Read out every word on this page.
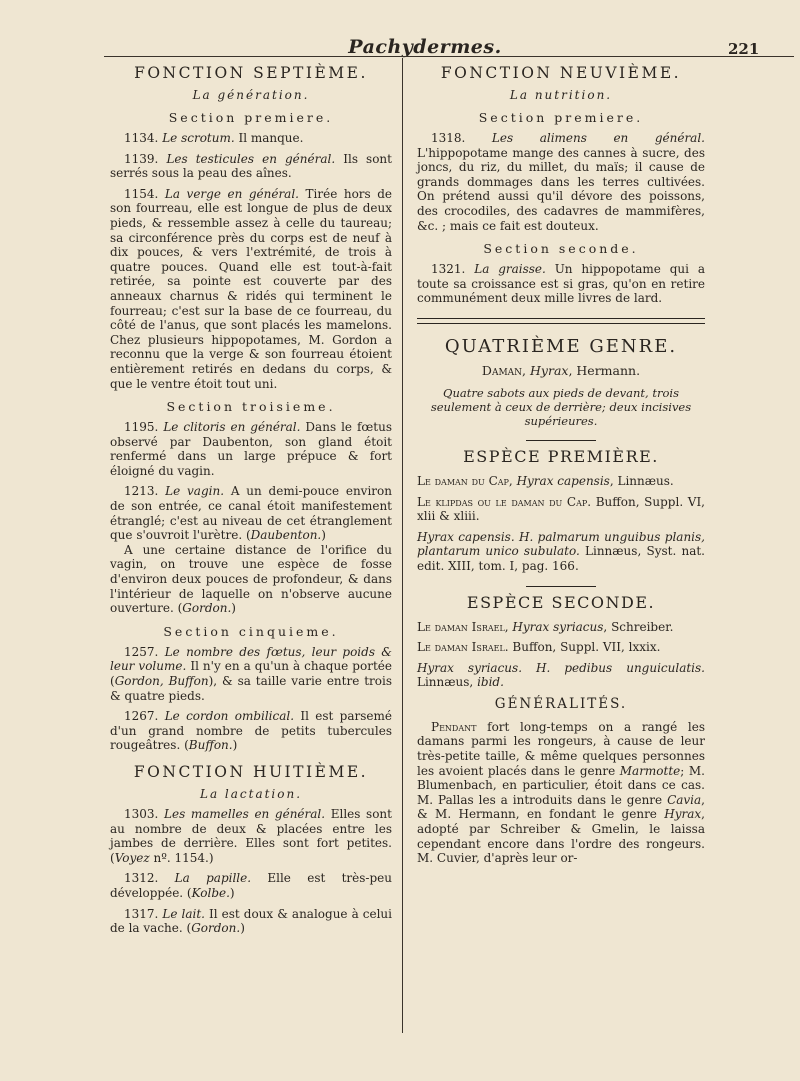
Pachydermes.	221
FONCTION SEPTIÈME.
La génération.
Section premiere.

1134. Le scrotum. Il manque.

1139. Les testicules en général. Ils sont serrés sous la peau des aînes.

1154. La verge en général. Tirée hors de son fourreau, elle est longue de plus de deux pieds, & ressemble assez à celle du taureau; sa circonférence près du corps est de neuf à dix pouces, & vers l'extrémité, de trois à quatre pouces. Quand elle est tout-à-fait retirée, sa pointe est couverte par des anneaux charnus & ridés qui terminent le fourreau; c'est sur la base de ce fourreau, du côté de l'anus, que sont placés les mamelons. Chez plusieurs hippopotames, M. Gordon a reconnu que la verge & son fourreau étoient entièrement retirés en dedans du corps, & que le ventre étoit tout uni.

Section troisieme.

1195. Le clitoris en général. Dans le fœtus observé par Daubenton, son gland étoit renfermé dans un large prépuce & fort éloigné du vagin.

1213. Le vagin. A un demi-pouce environ de son entrée, ce canal étoit manifestement étranglé; c'est au niveau de cet étranglement que s'ouvroit l'urètre. (Daubenton.)

A une certaine distance de l'orifice du vagin, on trouve une espèce de fosse d'environ deux pouces de profondeur, & dans l'intérieur de laquelle on n'observe aucune ouverture. (Gordon.)

Section cinquieme.

1257. Le nombre des fœtus, leur poids & leur volume. Il n'y en a qu'un à chaque portée (Gordon, Buffon), & sa taille varie entre trois & quatre pieds.

1267. Le cordon ombilical. Il est parsemé d'un grand nombre de petits tubercules rougeâtres. (Buffon.)

FONCTION HUITIÈME.
La lactation.

1303. Les mamelles en général. Elles sont au nombre de deux & placées entre les jambes de derrière. Elles sont fort petites. (Voyez nº. 1154.)

1312. La papille. Elle est très-peu développée. (Kolbe.)

1317. Le lait. Il est doux & analogue à celui de la vache. (Gordon.)

FONCTION NEUVIÈME.
La nutrition.
Section premiere.

1318. Les alimens en général. L'hippopotame mange des cannes à sucre, des joncs, du riz, du millet, du maïs; il cause de grands dommages dans les terres cultivées. On prétend aussi qu'il dévore des poissons, des crocodiles, des cadavres de mammifères, &c. ; mais ce fait est douteux.

Section seconde.

1321. La graisse. Un hippopotame qui a toute sa croissance est si gras, qu'on en retire communément deux mille livres de lard.

QUATRIÈME GENRE.
Daman, Hyrax, Hermann.
Quatre sabots aux pieds de devant, trois seulement à ceux de derrière; deux incisives supérieures.
ESPÈCE PREMIÈRE.

Le daman du Cap, Hyrax capensis, Linnæus.

Le klipdas ou le daman du Cap. Buffon, Suppl. VI, xlii & xliii.

Hyrax capensis. H. palmarum unguibus planis, plantarum unico subulato. Linnæus, Syst. nat. edit. XIII, tom. I, pag. 166.

ESPÈCE SECONDE.

Le daman Israel, Hyrax syriacus, Schreiber.

Le daman Israel. Buffon, Suppl. VII, lxxix.

Hyrax syriacus. H. pedibus unguiculatis. Linnæus, ibid.

GÉNÉRALITÉS.

Pendant fort long-temps on a rangé les damans parmi les rongeurs, à cause de leur très-petite taille, & même quelques personnes les avoient placés dans le genre Marmotte; M. Blumenbach, en particulier, étoit dans ce cas. M. Pallas les a introduits dans le genre Cavia, & M. Hermann, en fondant le genre Hyrax, adopté par Schreiber & Gmelin, le laissa cependant encore dans l'ordre des rongeurs. M. Cuvier, d'après leur or-
